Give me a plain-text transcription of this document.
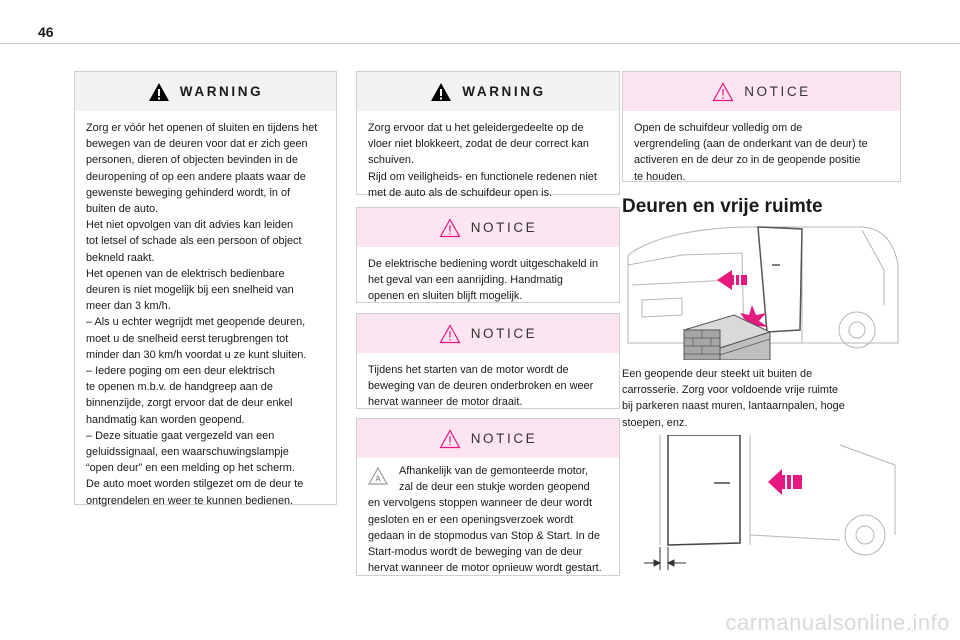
46
WARNING
Zorg er vóór het openen of sluiten en tijdens het
bewegen van de deuren voor dat er zich geen
personen, dieren of objecten bevinden in de
deuropening of op een andere plaats waar de
gewenste beweging gehinderd wordt, in of
buiten de auto.
Het niet opvolgen van dit advies kan leiden
tot letsel of schade als een persoon of object
bekneld raakt.
Het openen van de elektrisch bedienbare
deuren is niet mogelijk bij een snelheid van
meer dan 3 km/h.
– Als u echter wegrijdt met geopende deuren,
moet u de snelheid eerst terugbrengen tot
minder dan 30 km/h voordat u ze kunt sluiten.
– Iedere poging om een deur elektrisch
te openen m.b.v. de handgreep aan de
binnenzijde, zorgt ervoor dat de deur enkel
handmatig kan worden geopend.
– Deze situatie gaat vergezeld van een
geluidssignaal, een waarschuwingslampje
“open deur” en een melding op het scherm.
De auto moet worden stilgezet om de deur te
ontgrendelen en weer te kunnen bedienen.
WARNING
Zorg ervoor dat u het geleidergedeelte op de
vloer niet blokkeert, zodat de deur correct kan
schuiven.
Rijd om veiligheids- en functionele redenen niet
met de auto als de schuifdeur open is.
NOTICE
De elektrische bediening wordt uitgeschakeld in
het geval van een aanrijding. Handmatig
openen en sluiten blijft mogelijk.
NOTICE
Tijdens het starten van de motor wordt de
beweging van de deuren onderbroken en weer
hervat wanneer de motor draait.
NOTICE
A
Afhankelijk van de gemonteerde motor,
zal de deur een stukje worden geopend
en vervolgens stoppen wanneer de deur wordt
gesloten en er een openingsverzoek wordt
gedaan in de stopmodus van Stop & Start. In de
Start-modus wordt de beweging van de deur
hervat wanneer de motor opnieuw wordt gestart.
NOTICE
Open de schuifdeur volledig om de
vergrendeling (aan de onderkant van de deur) te
activeren en de deur zo in de geopende positie
te houden.
Deuren en vrije ruimte
Een geopende deur steekt uit buiten de
carrosserie. Zorg voor voldoende vrije ruimte
bij parkeren naast muren, lantaarnpalen, hoge
stoepen, enz.
carmanualsonline.info
